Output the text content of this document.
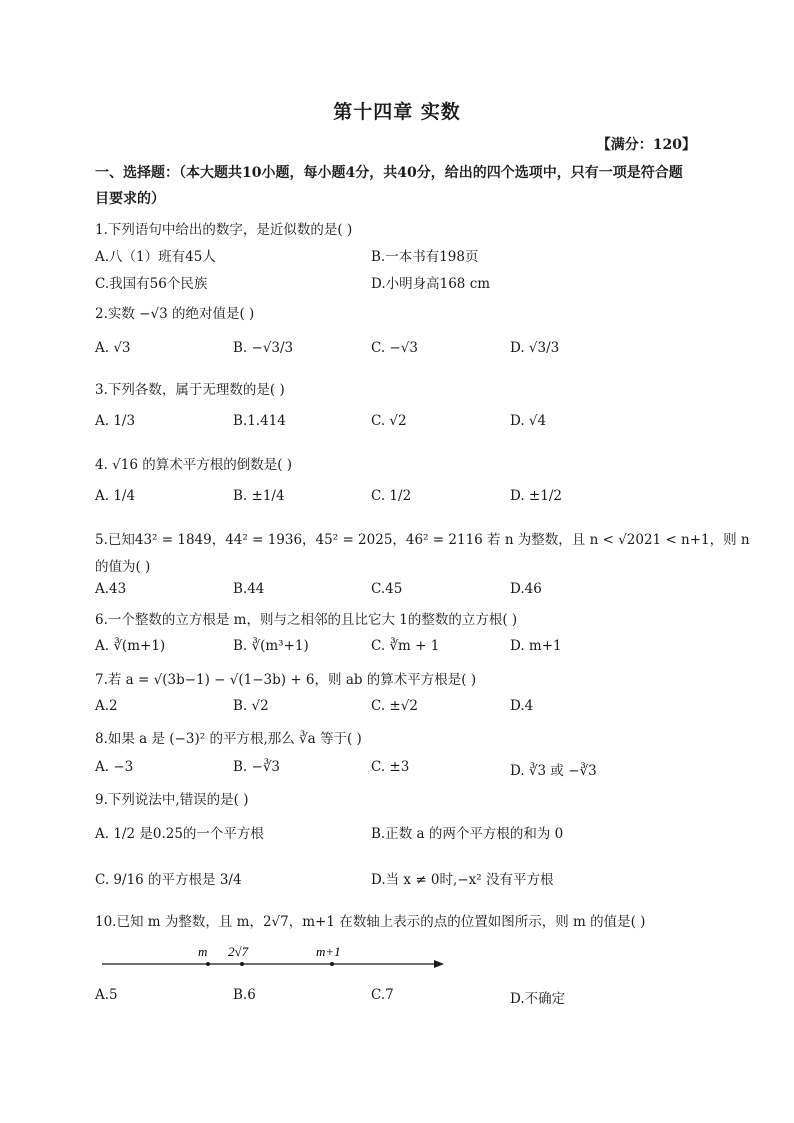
第十四章 实数
【满分：120】
一、选择题：（本大题共10小题，每小题4分，共40分，给出的四个选项中，只有一项是符合题目要求的）
1.下列语句中给出的数字，是近似数的是( )
A.八（1）班有45人	B.一本书有198页
C.我国有56个民族	D.小明身高168 cm
2.实数 −√3 的绝对值是( )
A. √3	B. −√3/3	C. −√3	D. √3/3
3.下列各数，属于无理数的是( )
A. 1/3	B.1.414	C. √2	D. √4
4. √16 的算术平方根的倒数是( )
A. 1/4	B. ±1/4	C. 1/2	D. ±1/2
5.已知43² = 1849，44² = 1936，45² = 2025，46² = 2116 若 n 为整数，且 n < √2021 < n+1，则 n
的值为( )
A.43	B.44	C.45	D.46
6.一个整数的立方根是 m，则与之相邻的且比它大 1的整数的立方根( )
A. ∛(m+1)	B. ∛(m³+1)	C. ∛m + 1	D. m+1
7.若 a = √(3b−1) − √(1−3b) + 6，则 ab 的算术平方根是( )
A.2	B. √2	C. ±√2	D.4
8.如果 a 是 (−3)² 的平方根,那么 ∛a 等于( )
A. −3	B. −∛3	C. ±3	D. ∛3 或 −∛3
9.下列说法中,错误的是( )
A. 1/2 是0.25的一个平方根	B.正数 a 的两个平方根的和为 0
C. 9/16 的平方根是 3/4	D.当 x ≠ 0时,−x² 没有平方根
10.已知 m 为整数，且 m，2√7，m+1 在数轴上表示的点的位置如图所示，则 m 的值是( )
m 2√7	m+1
A.5	B.6	C.7	D.不确定
